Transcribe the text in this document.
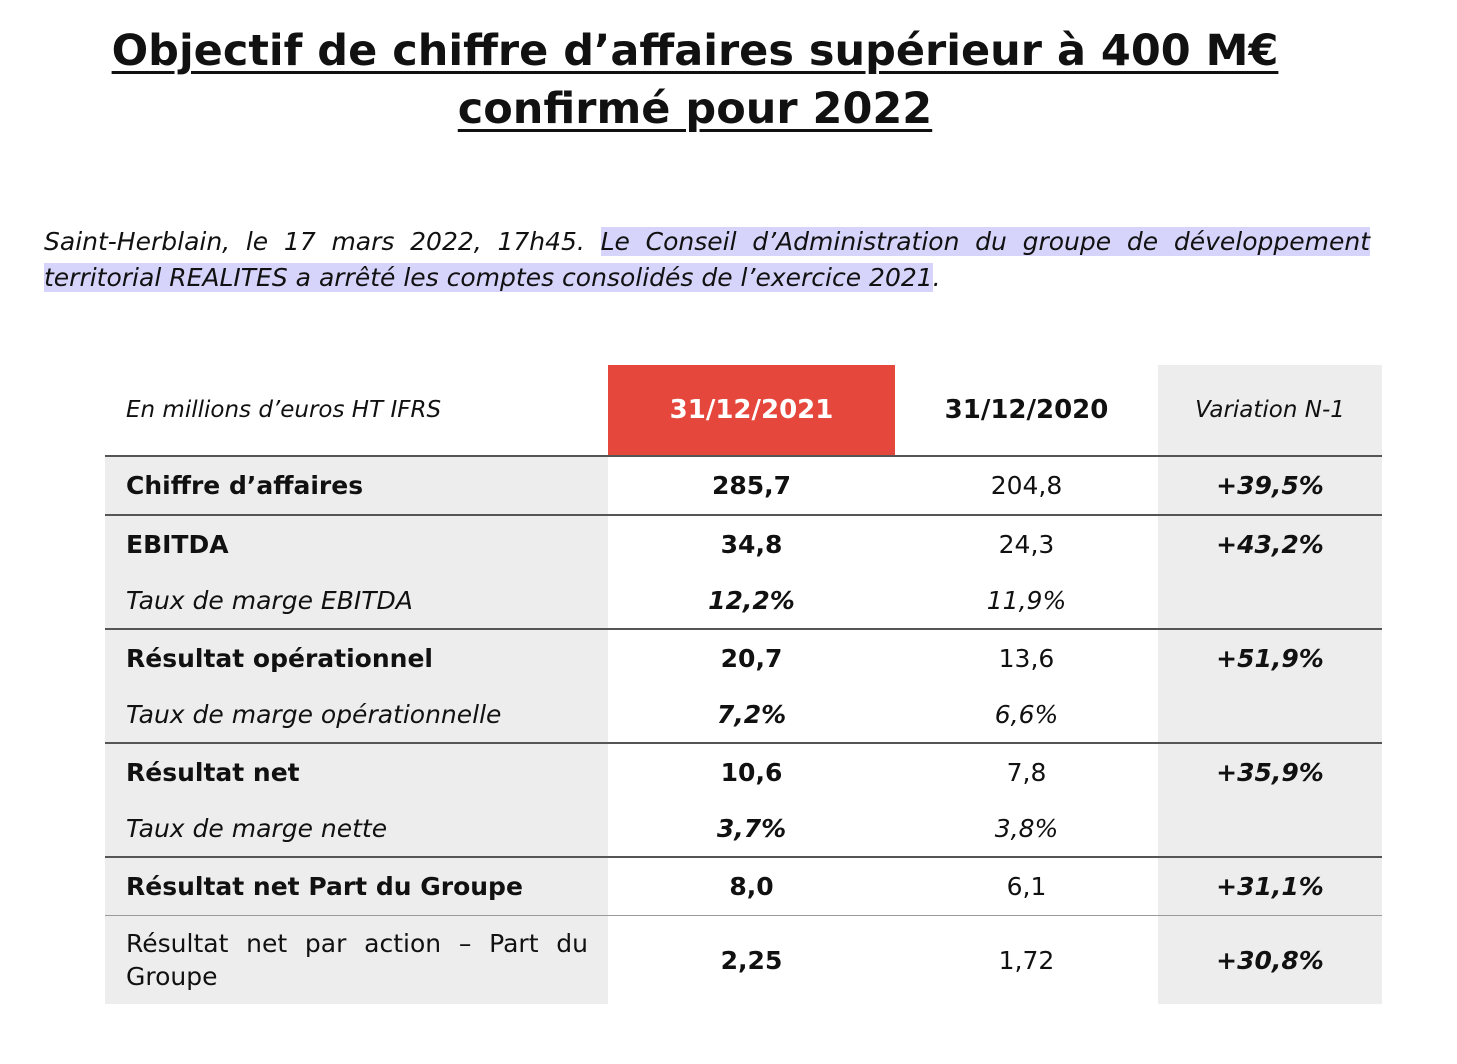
Objectif de chiffre d’affaires supérieur à 400 M€
confirmé pour 2022

Saint-Herblain, le 17 mars 2022, 17h45. Le Conseil d’Administration du groupe de développement territorial REALITES a arrêté les comptes consolidés de l’exercice 2021.

En millions d’euros HT IFRS	31/12/2021	31/12/2020	Variation N-1
Chiffre d’affaires	285,7	204,8	+39,5%
EBITDA	34,8	24,3	+43,2%
Taux de marge EBITDA	12,2%	11,9%	
Résultat opérationnel	20,7	13,6	+51,9%
Taux de marge opérationnelle	7,2%	6,6%	
Résultat net	10,6	7,8	+35,9%
Taux de marge nette	3,7%	3,8%	
Résultat net Part du Groupe	8,0	6,1	+31,1%
Résultat net par action – Part du Groupe	2,25	1,72	+30,8%
